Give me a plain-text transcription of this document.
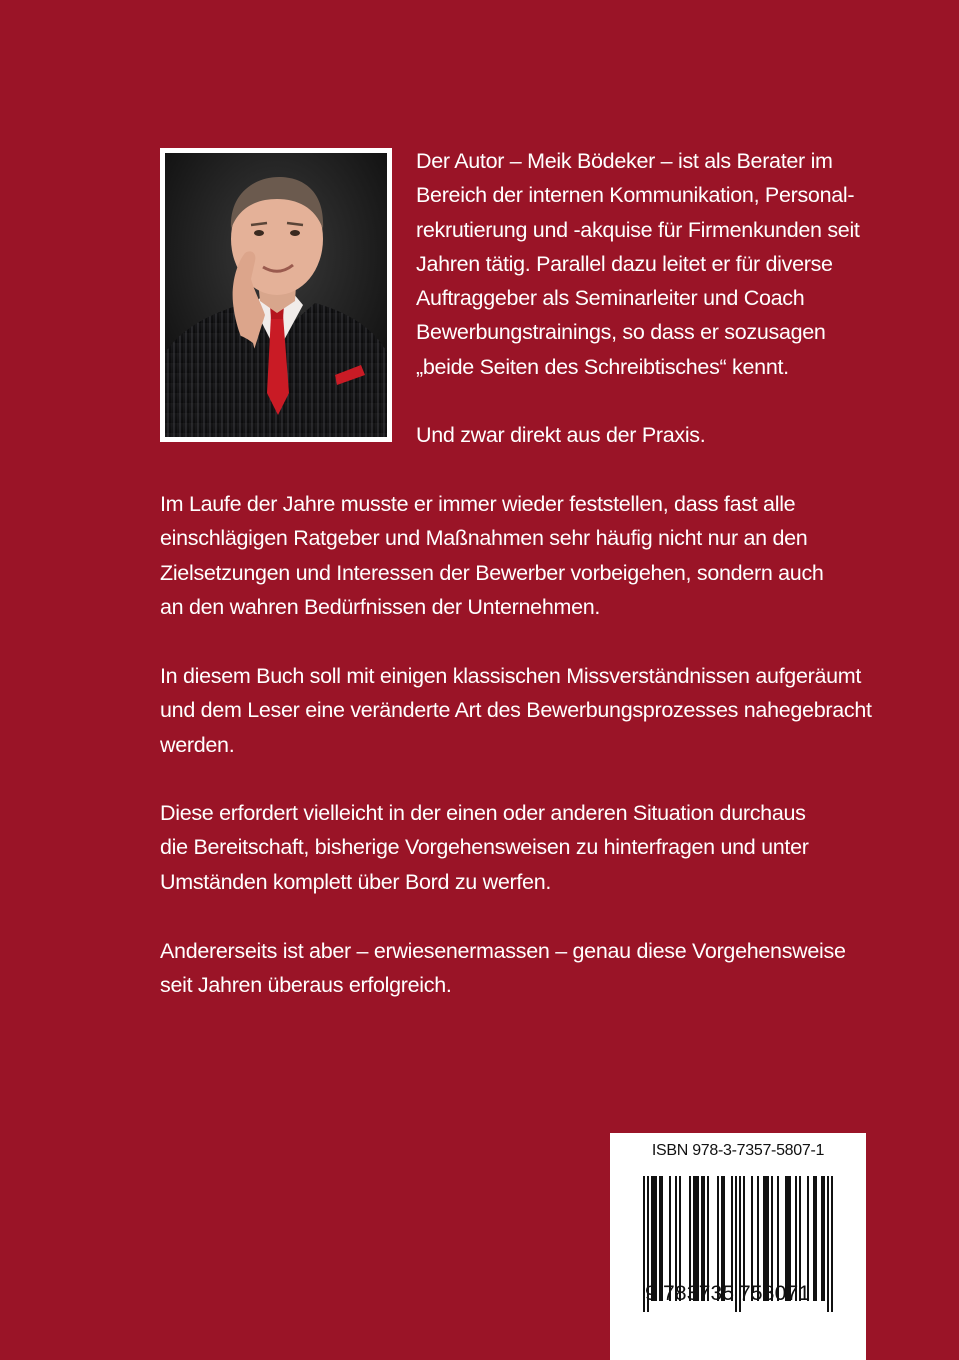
Der Autor – Meik Bödeker – ist als Berater im
Bereich der internen Kommunikation, Personal-
rekrutierung und -akquise für Firmenkunden seit
Jahren tätig. Parallel dazu leitet er für diverse
Auftraggeber als Seminarleiter und Coach
Bewerbungstrainings, so dass er sozusagen
„beide Seiten des Schreibtisches“ kennt.

Und zwar direkt aus der Praxis.

Im Laufe der Jahre musste er immer wieder feststellen, dass fast alle
einschlägigen Ratgeber und Maßnahmen sehr häufig nicht nur an den
Zielsetzungen und Interessen der Bewerber vorbeigehen, sondern auch
an den wahren Bedürfnissen der Unternehmen.

In diesem Buch soll mit einigen klassischen Missverständnissen aufgeräumt
und dem Leser eine veränderte Art des Bewerbungsprozesses nahegebracht
werden.

Diese erfordert vielleicht in der einen oder anderen Situation durchaus
die Bereitschaft, bisherige Vorgehensweisen zu hinterfragen und unter
Umständen komplett über Bord zu werfen.

Andererseits ist aber – erwiesenermassen – genau diese Vorgehensweise
seit Jahren überaus erfolgreich.

ISBN 978-3-7357-5807-1
9 783735 758071
